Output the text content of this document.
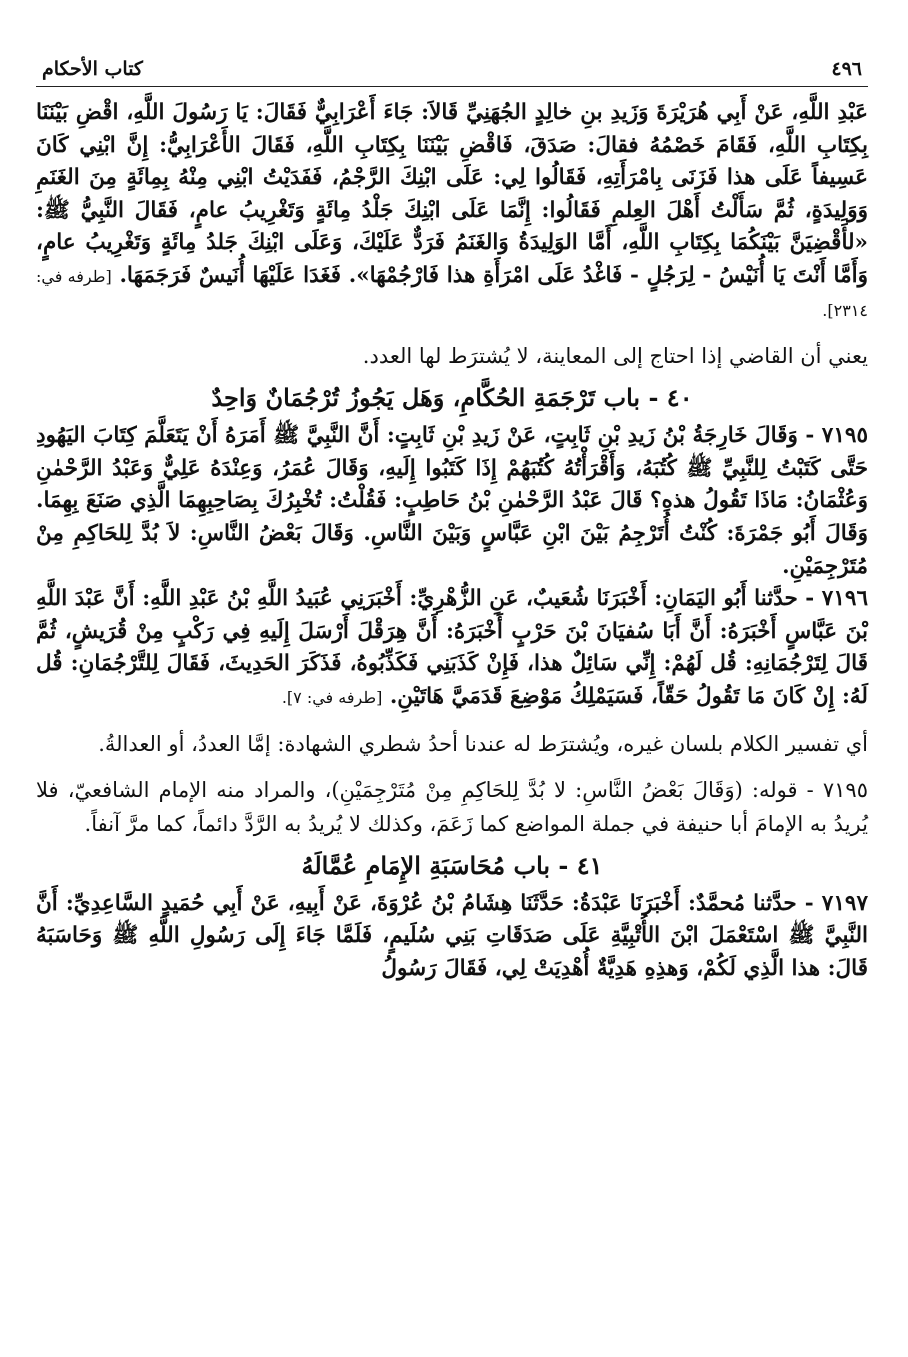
٤٩٦
كتاب الأحكام

عَبْدِ اللَّهِ، عَنْ أَبِي هُرَيْرَةَ وَزَيدِ بنِ خالِدٍ الجُهَنِيِّ قَالاَ: جَاءَ أَعْرَابِيٌّ فَقَالَ: يَا رَسُولَ اللَّهِ، اقْضِ بَيْنَنَا بِكِتَابِ اللَّهِ، فَقَامَ خَصْمُهُ فقالَ: صَدَقَ، فَاقْضِ بَيْنَنَا بِكِتَابِ اللَّهِ، فَقَالَ الأَعْرَابِيُّ: إِنَّ ابْنِي كَانَ عَسِيفاً عَلَى هذا فَزَنَى بِامْرَأَتِهِ، فَقَالُوا لِي: عَلَى ابْنِكَ الرَّجْمُ، فَفَدَيْتُ ابْنِي مِنْهُ بِمِائَةٍ مِنَ الغَنَمِ وَوَلِيدَةٍ، ثُمَّ سَأَلْتُ أَهْلَ العِلمِ فَقَالُوا: إِنَّمَا عَلَى ابْنِكَ جَلْدُ مِائَةٍ وَتَغْرِيبُ عامٍ، فَقَالَ النَّبِيُّ ﷺ: «لأَقْضِيَنَّ بَيْنَكُمَا بِكِتَابِ اللَّهِ، أَمَّا الوَلِيدَةُ وَالغَنَمُ فَرَدٌّ عَلَيْكَ، وَعَلَى ابْنِكَ جَلدُ مِائَةٍ وَتَغْرِيبُ عامٍ، وَأَمَّا أَنْتَ يَا أُنَيْسُ - لِرَجُلٍ - فَاغْدُ عَلَى امْرَأَةِ هذا فَارْجُمْهَا». فَغَدَا عَلَيْهَا أُنَيسٌ فَرَجَمَهَا. [طرفه في: ٢٣١٤].

يعني أن القاضي إذا احتاج إلى المعاينة، لا يُشترَط لها العدد.

٤٠ - باب تَرْجَمَةِ الحُكَّامِ، وَهَل يَجُوزُ تُرْجُمَانٌ وَاحِدٌ

٧١٩٥ - وَقَالَ خَارِجَةُ بْنُ زَيدِ بْنِ ثَابِتٍ، عَنْ زَيدِ بْنِ ثَابِتٍ: أَنَّ النَّبِيَّ ﷺ أَمَرَهُ أَنْ يَتَعَلَّمَ كِتَابَ اليَهُودِ حَتَّى كَتَبْتُ لِلنَّبِيِّ ﷺ كُتُبَهُ، وَأَقْرَأْتُهُ كُتُبَهُمْ إِذَا كَتَبُوا إِلَيهِ، وَقَالَ عُمَرُ، وَعِنْدَهُ عَلِيٌّ وَعَبْدُ الرَّحْمٰنِ وَعُثْمَانُ: مَاذَا تَقُولُ هذهِ؟ قَالَ عَبْدُ الرَّحْمٰنِ بْنُ حَاطِبٍ: فَقُلْتُ: تُخْبِرُكَ بِصَاحِبِهِمَا الَّذِي صَنَعَ بِهِمَا. وَقَالَ أَبُو جَمْرَةَ: كُنْتُ أُتَرْجِمُ بَيْنَ ابْنِ عَبَّاسٍ وَبَيْنَ النَّاسِ. وَقَالَ بَعْضُ النَّاسِ: لاَ بُدَّ لِلحَاكِمِ مِنْ مُتَرْجِمَيْنِ.

٧١٩٦ - حدَّثنا أَبُو اليَمَانِ: أَخْبَرَنَا شُعَيبٌ، عَنِ الزُّهْرِيِّ: أَخْبَرَنِي عُبَيدُ اللَّهِ بْنُ عَبْدِ اللَّهِ: أَنَّ عَبْدَ اللَّهِ بْنَ عَبَّاسٍ أَخْبَرَهُ: أَنَّ أَبَا سُفيَانَ بْنَ حَرْبٍ أَخْبَرَهُ: أَنَّ هِرَقْلَ أَرْسَلَ إِلَيهِ فِي رَكْبٍ مِنْ قُرَيشٍ، ثُمَّ قَالَ لِتَرْجُمَانِهِ: قُل لَهُمْ: إِنِّي سَائِلٌ هذا، فَإِنْ كَذَبَنِي فَكَذِّبُوهُ، فَذَكَرَ الحَدِيثَ، فَقَالَ لِلتَّرْجُمَانِ: قُل لَهُ: إِنْ كَانَ مَا تَقُولُ حَقّاً، فَسَيَمْلِكُ مَوْضِعَ قَدَمَيَّ هَاتَيْنِ. [طرفه في: ٧].

أي تفسير الكلام بلسان غيره، ويُشترَط له عندنا أحدُ شطري الشهادة: إمَّا العددُ، أو العدالةُ.

٧١٩٥ - قوله: (وَقَالَ بَعْضُ النَّاسِ: لا بُدَّ لِلحَاكِمِ مِنْ مُتَرْجِمَيْنِ)، والمراد منه الإمام الشافعيّ، فلا يُريدُ به الإمامَ أبا حنيفة في جملة المواضع كما زَعَمَ، وكذلك لا يُريدُ به الرَّدَّ دائماً، كما مرَّ آنفاً.

٤١ - باب مُحَاسَبَةِ الإِمَامِ عُمَّالَهُ

٧١٩٧ - حدَّثنا مُحمَّدٌ: أَخْبَرَنَا عَبْدَةُ: حَدَّثَنَا هِشَامُ بْنُ عُرْوَةَ، عَنْ أَبِيهِ، عَنْ أَبِي حُمَيدٍ السَّاعِدِيِّ: أَنَّ النَّبِيَّ ﷺ اسْتَعْمَلَ ابْنَ الأُتْبِيَّةِ عَلَى صَدَقَاتِ بَنِي سُلَيمٍ، فَلَمَّا جَاءَ إِلَى رَسُولِ اللَّهِ ﷺ وَحَاسَبَهُ قَالَ: هذا الَّذِي لَكُمْ، وَهذِهِ هَدِيَّةٌ أُهْدِيَتْ لِي، فَقَالَ رَسُولُ
